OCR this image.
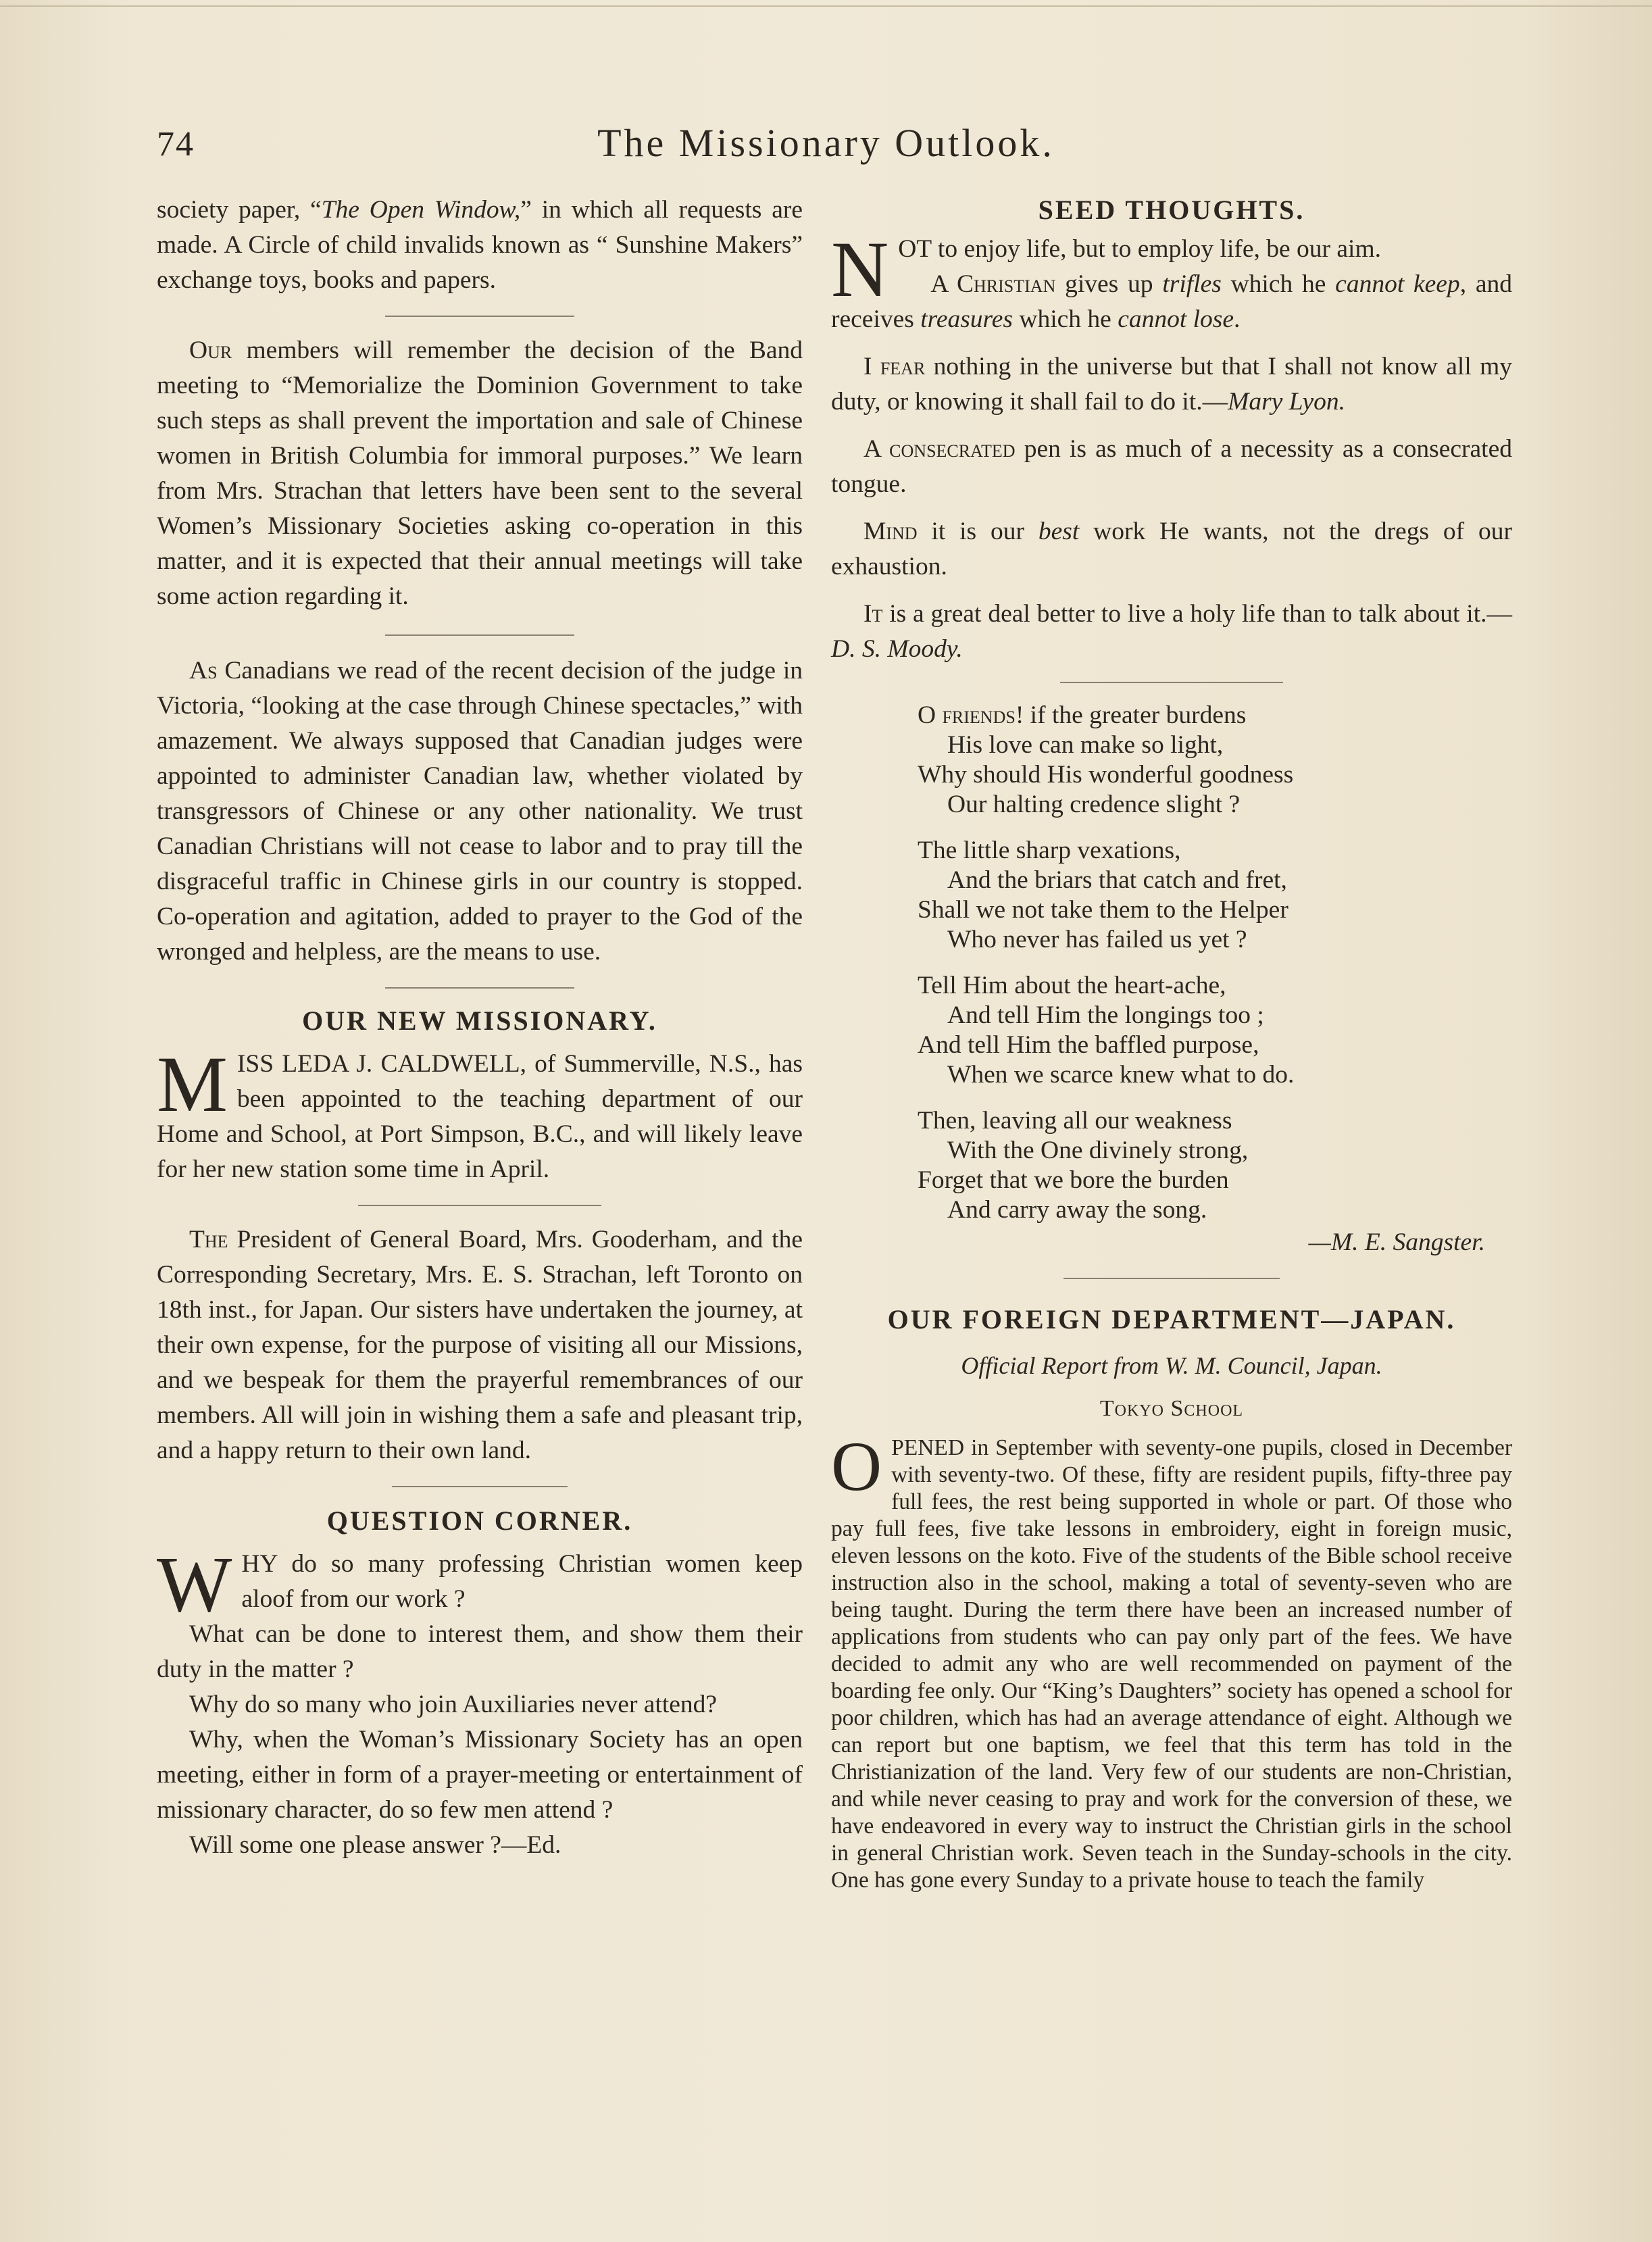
74	The Missionary Outlook.

society paper, “The Open Window,” in which all requests are made. A Circle of child invalids known as “ Sunshine Makers” exchange toys, books and papers.

Our members will remember the decision of the Band meeting to “Memorialize the Dominion Government to take such steps as shall prevent the importation and sale of Chinese women in British Columbia for immoral purposes.” We learn from Mrs. Strachan that letters have been sent to the several Women’s Missionary Societies asking co-operation in this matter, and it is expected that their annual meetings will take some action regarding it.

As Canadians we read of the recent decision of the judge in Victoria, “looking at the case through Chinese spectacles,” with amazement. We always supposed that Canadian judges were appointed to administer Canadian law, whether violated by transgressors of Chinese or any other nationality. We trust Canadian Christians will not cease to labor and to pray till the disgraceful traffic in Chinese girls in our country is stopped. Co-operation and agitation, added to prayer to the God of the wronged and helpless, are the means to use.

OUR NEW MISSIONARY.

MISS LEDA J. CALDWELL, of Summerville, N.S., has been appointed to the teaching department of our Home and School, at Port Simpson, B.C., and will likely leave for her new station some time in April.

The President of General Board, Mrs. Gooderham, and the Corresponding Secretary, Mrs. E. S. Strachan, left Toronto on 18th inst., for Japan. Our sisters have undertaken the journey, at their own expense, for the purpose of visiting all our Missions, and we bespeak for them the prayerful remembrances of our members. All will join in wishing them a safe and pleasant trip, and a happy return to their own land.

QUESTION CORNER.

WHY do so many professing Christian women keep aloof from our work ?

What can be done to interest them, and show them their duty in the matter ?

Why do so many who join Auxiliaries never attend?

Why, when the Woman’s Missionary Society has an open meeting, either in form of a prayer-meeting or entertainment of missionary character, do so few men attend ?

Will some one please answer ?—Ed.

SEED THOUGHTS.

NOT to enjoy life, but to employ life, be our aim.

A Christian gives up trifles which he cannot keep, and receives treasures which he cannot lose.

I fear nothing in the universe but that I shall not know all my duty, or knowing it shall fail to do it.—Mary Lyon.

A consecrated pen is as much of a necessity as a consecrated tongue.

Mind it is our best work He wants, not the dregs of our exhaustion.

It is a great deal better to live a holy life than to talk about it.—D. S. Moody.

O friends! if the greater burdens
His love can make so light,
Why should His wonderful goodness
Our halting credence slight ?
The little sharp vexations,
And the briars that catch and fret,
Shall we not take them to the Helper
Who never has failed us yet ?
Tell Him about the heart-ache,
And tell Him the longings too ;
And tell Him the baffled purpose,
When we scarce knew what to do.
Then, leaving all our weakness
With the One divinely strong,
Forget that we bore the burden
And carry away the song.
—M. E. Sangster.
OUR FOREIGN DEPARTMENT—JAPAN.

Official Report from W. M. Council, Japan.

Tokyo School

OPENED in September with seventy-one pupils, closed in December with seventy-two. Of these, fifty are resident pupils, fifty-three pay full fees, the rest being supported in whole or part. Of those who pay full fees, five take lessons in embroidery, eight in foreign music, eleven lessons on the koto. Five of the students of the Bible school receive instruction also in the school, making a total of seventy-seven who are being taught. During the term there have been an increased number of applications from students who can pay only part of the fees. We have decided to admit any who are well recommended on payment of the boarding fee only. Our “King’s Daughters” society has opened a school for poor children, which has had an average attendance of eight. Although we can report but one baptism, we feel that this term has told in the Christianization of the land. Very few of our students are non-Christian, and while never ceasing to pray and work for the conversion of these, we have endeavored in every way to instruct the Christian girls in the school in general Christian work. Seven teach in the Sunday-schools in the city. One has gone every Sunday to a private house to teach the family
